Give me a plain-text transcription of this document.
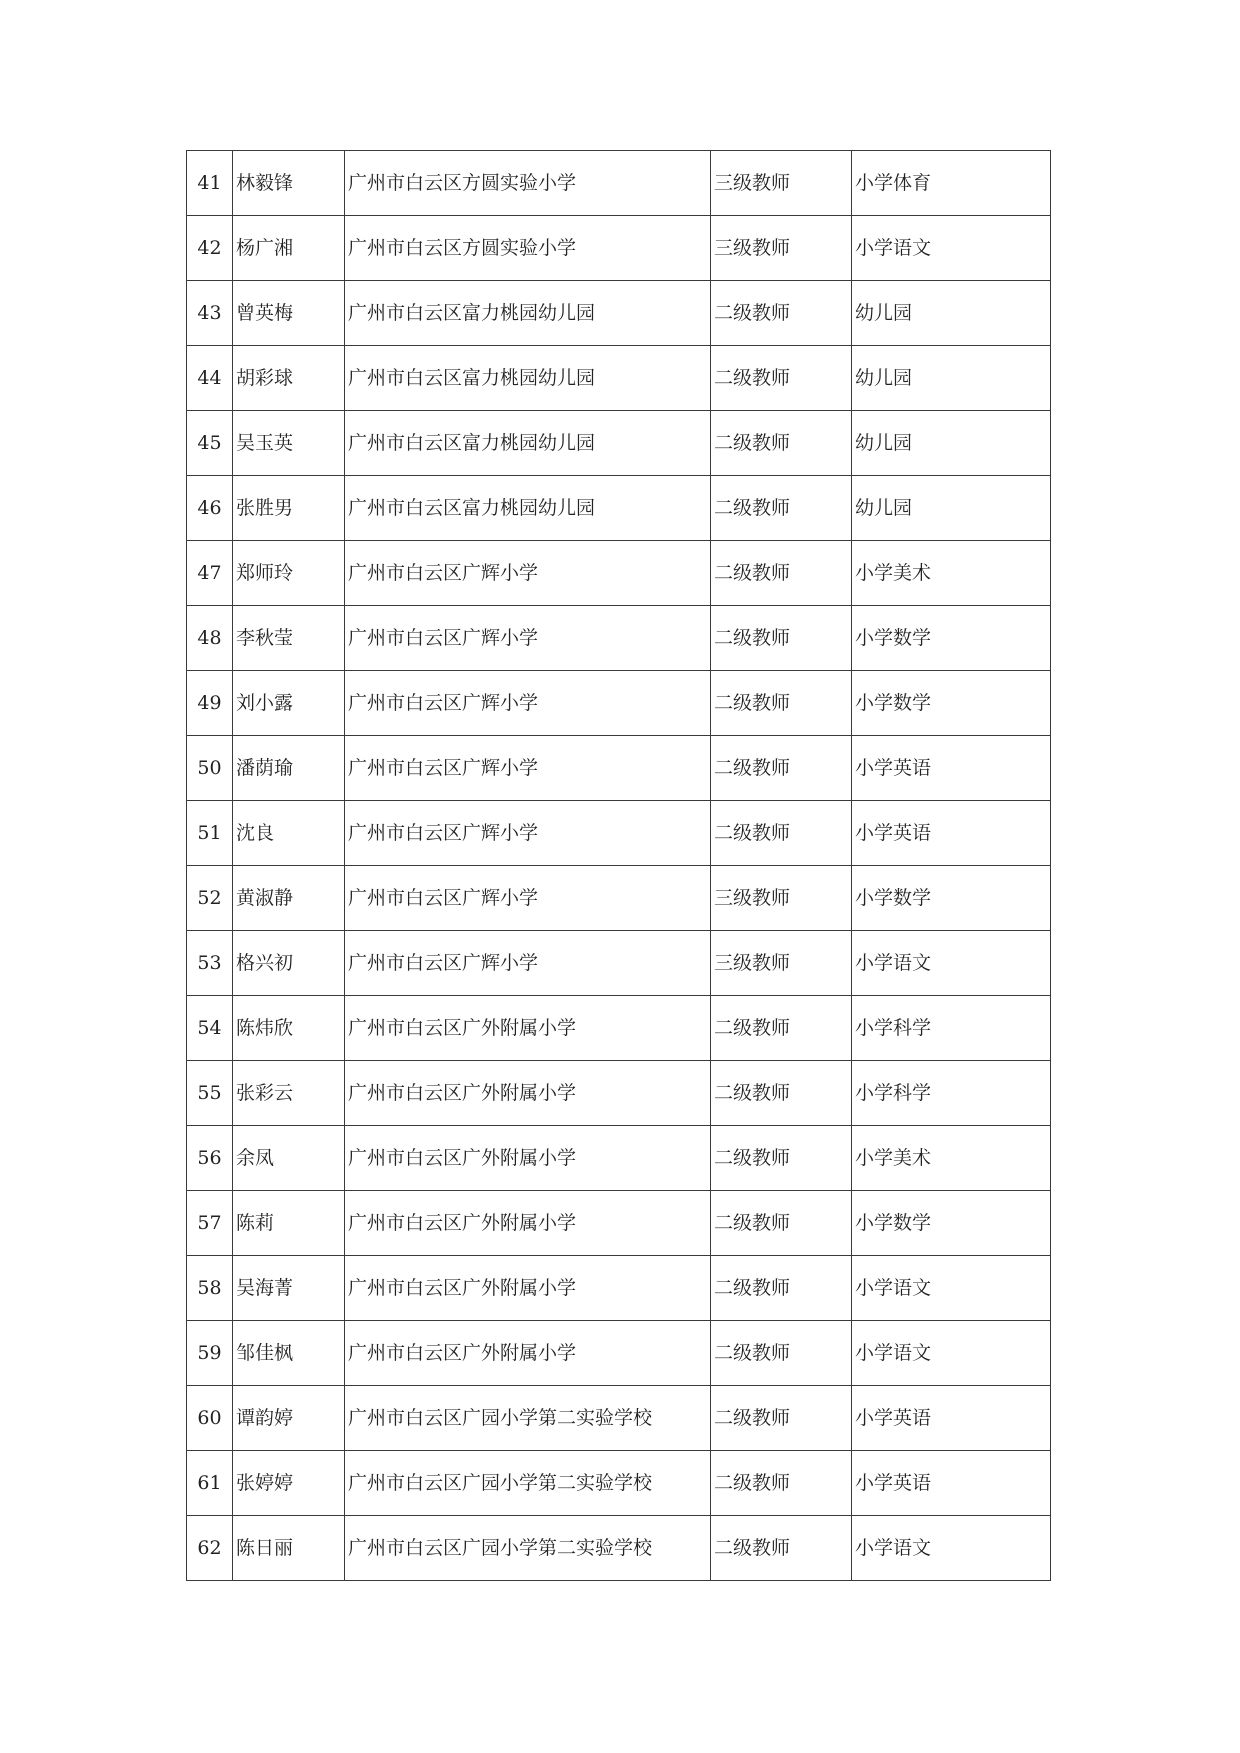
41	林毅锋	广州市白云区方圆实验小学	三级教师	小学体育
42	杨广湘	广州市白云区方圆实验小学	三级教师	小学语文
43	曾英梅	广州市白云区富力桃园幼儿园	二级教师	幼儿园
44	胡彩球	广州市白云区富力桃园幼儿园	二级教师	幼儿园
45	吴玉英	广州市白云区富力桃园幼儿园	二级教师	幼儿园
46	张胜男	广州市白云区富力桃园幼儿园	二级教师	幼儿园
47	郑师玲	广州市白云区广辉小学	二级教师	小学美术
48	李秋莹	广州市白云区广辉小学	二级教师	小学数学
49	刘小露	广州市白云区广辉小学	二级教师	小学数学
50	潘荫瑜	广州市白云区广辉小学	二级教师	小学英语
51	沈良	广州市白云区广辉小学	二级教师	小学英语
52	黄淑静	广州市白云区广辉小学	三级教师	小学数学
53	格兴初	广州市白云区广辉小学	三级教师	小学语文
54	陈炜欣	广州市白云区广外附属小学	二级教师	小学科学
55	张彩云	广州市白云区广外附属小学	二级教师	小学科学
56	余凤	广州市白云区广外附属小学	二级教师	小学美术
57	陈莉	广州市白云区广外附属小学	二级教师	小学数学
58	吴海菁	广州市白云区广外附属小学	二级教师	小学语文
59	邹佳枫	广州市白云区广外附属小学	二级教师	小学语文
60	谭韵婷	广州市白云区广园小学第二实验学校	二级教师	小学英语
61	张婷婷	广州市白云区广园小学第二实验学校	二级教师	小学英语
62	陈日丽	广州市白云区广园小学第二实验学校	二级教师	小学语文
